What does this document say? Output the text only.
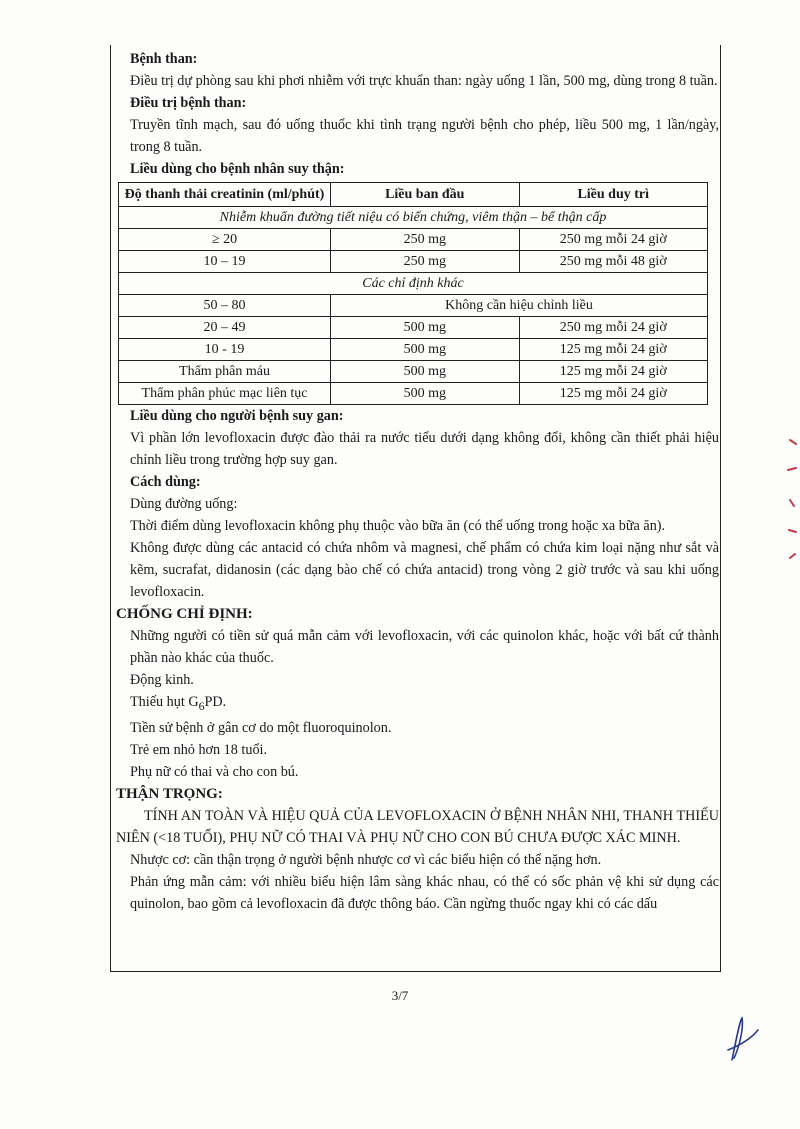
Bệnh than:

Điều trị dự phòng sau khi phơi nhiễm với trực khuẩn than: ngày uống 1 lần, 500 mg, dùng trong 8 tuần.

Điều trị bệnh than:

Truyền tĩnh mạch, sau đó uống thuốc khi tình trạng người bệnh cho phép, liều 500 mg, 1 lần/ngày, trong 8 tuần.

Liều dùng cho bệnh nhân suy thận:

Độ thanh thải creatinin (ml/phút)	Liều ban đầu	Liều duy trì
Nhiễm khuẩn đường tiết niệu có biến chứng, viêm thận – bể thận cấp		
≥ 20	250 mg	250 mg mỗi 24 giờ
10 – 19	250 mg	250 mg mỗi 48 giờ
Các chỉ định khác		
50 – 80	Không cần hiệu chỉnh liều	
20 – 49	500 mg	250 mg mỗi 24 giờ
10 - 19	500 mg	125 mg mỗi 24 giờ
Thẩm phân máu	500 mg	125 mg mỗi 24 giờ
Thẩm phân phúc mạc liên tục	500 mg	125 mg mỗi 24 giờ

Liều dùng cho người bệnh suy gan:

Vì phần lớn levofloxacin được đào thải ra nước tiểu dưới dạng không đổi, không cần thiết phải hiệu chỉnh liều trong trường hợp suy gan.

Cách dùng:

Dùng đường uống:

Thời điểm dùng levofloxacin không phụ thuộc vào bữa ăn (có thể uống trong hoặc xa bữa ăn).

Không được dùng các antacid có chứa nhôm và magnesi, chế phẩm có chứa kim loại nặng như sắt và kẽm, sucrafat, didanosin (các dạng bào chế có chứa antacid) trong vòng 2 giờ trước và sau khi uống levofloxacin.

CHỐNG CHỈ ĐỊNH:

Những người có tiền sử quá mẫn cảm với levofloxacin, với các quinolon khác, hoặc với bất cứ thành phần nào khác của thuốc.

Động kinh.

Thiếu hụt $G_6PD$.

Tiền sử bệnh ở gân cơ do một fluoroquinolon.

Trẻ em nhỏ hơn 18 tuổi.

Phụ nữ có thai và cho con bú.

THẬN TRỌNG:

TÍNH AN TOÀN VÀ HIỆU QUẢ CỦA LEVOFLOXACIN Ở BỆNH NHÂN NHI, THANH THIẾU NIÊN (<18 TUỔI), PHỤ NỮ CÓ THAI VÀ PHỤ NỮ CHO CON BÚ CHƯA ĐƯỢC XÁC MINH.

Nhược cơ: cần thận trọng ở người bệnh nhược cơ vì các biểu hiện có thể nặng hơn.

Phản ứng mẫn cảm: với nhiều biểu hiện lâm sàng khác nhau, có thể có sốc phản vệ khi sử dụng các quinolon, bao gồm cả levofloxacin đã được thông báo. Cần ngừng thuốc ngay khi có các dấu

3/7
